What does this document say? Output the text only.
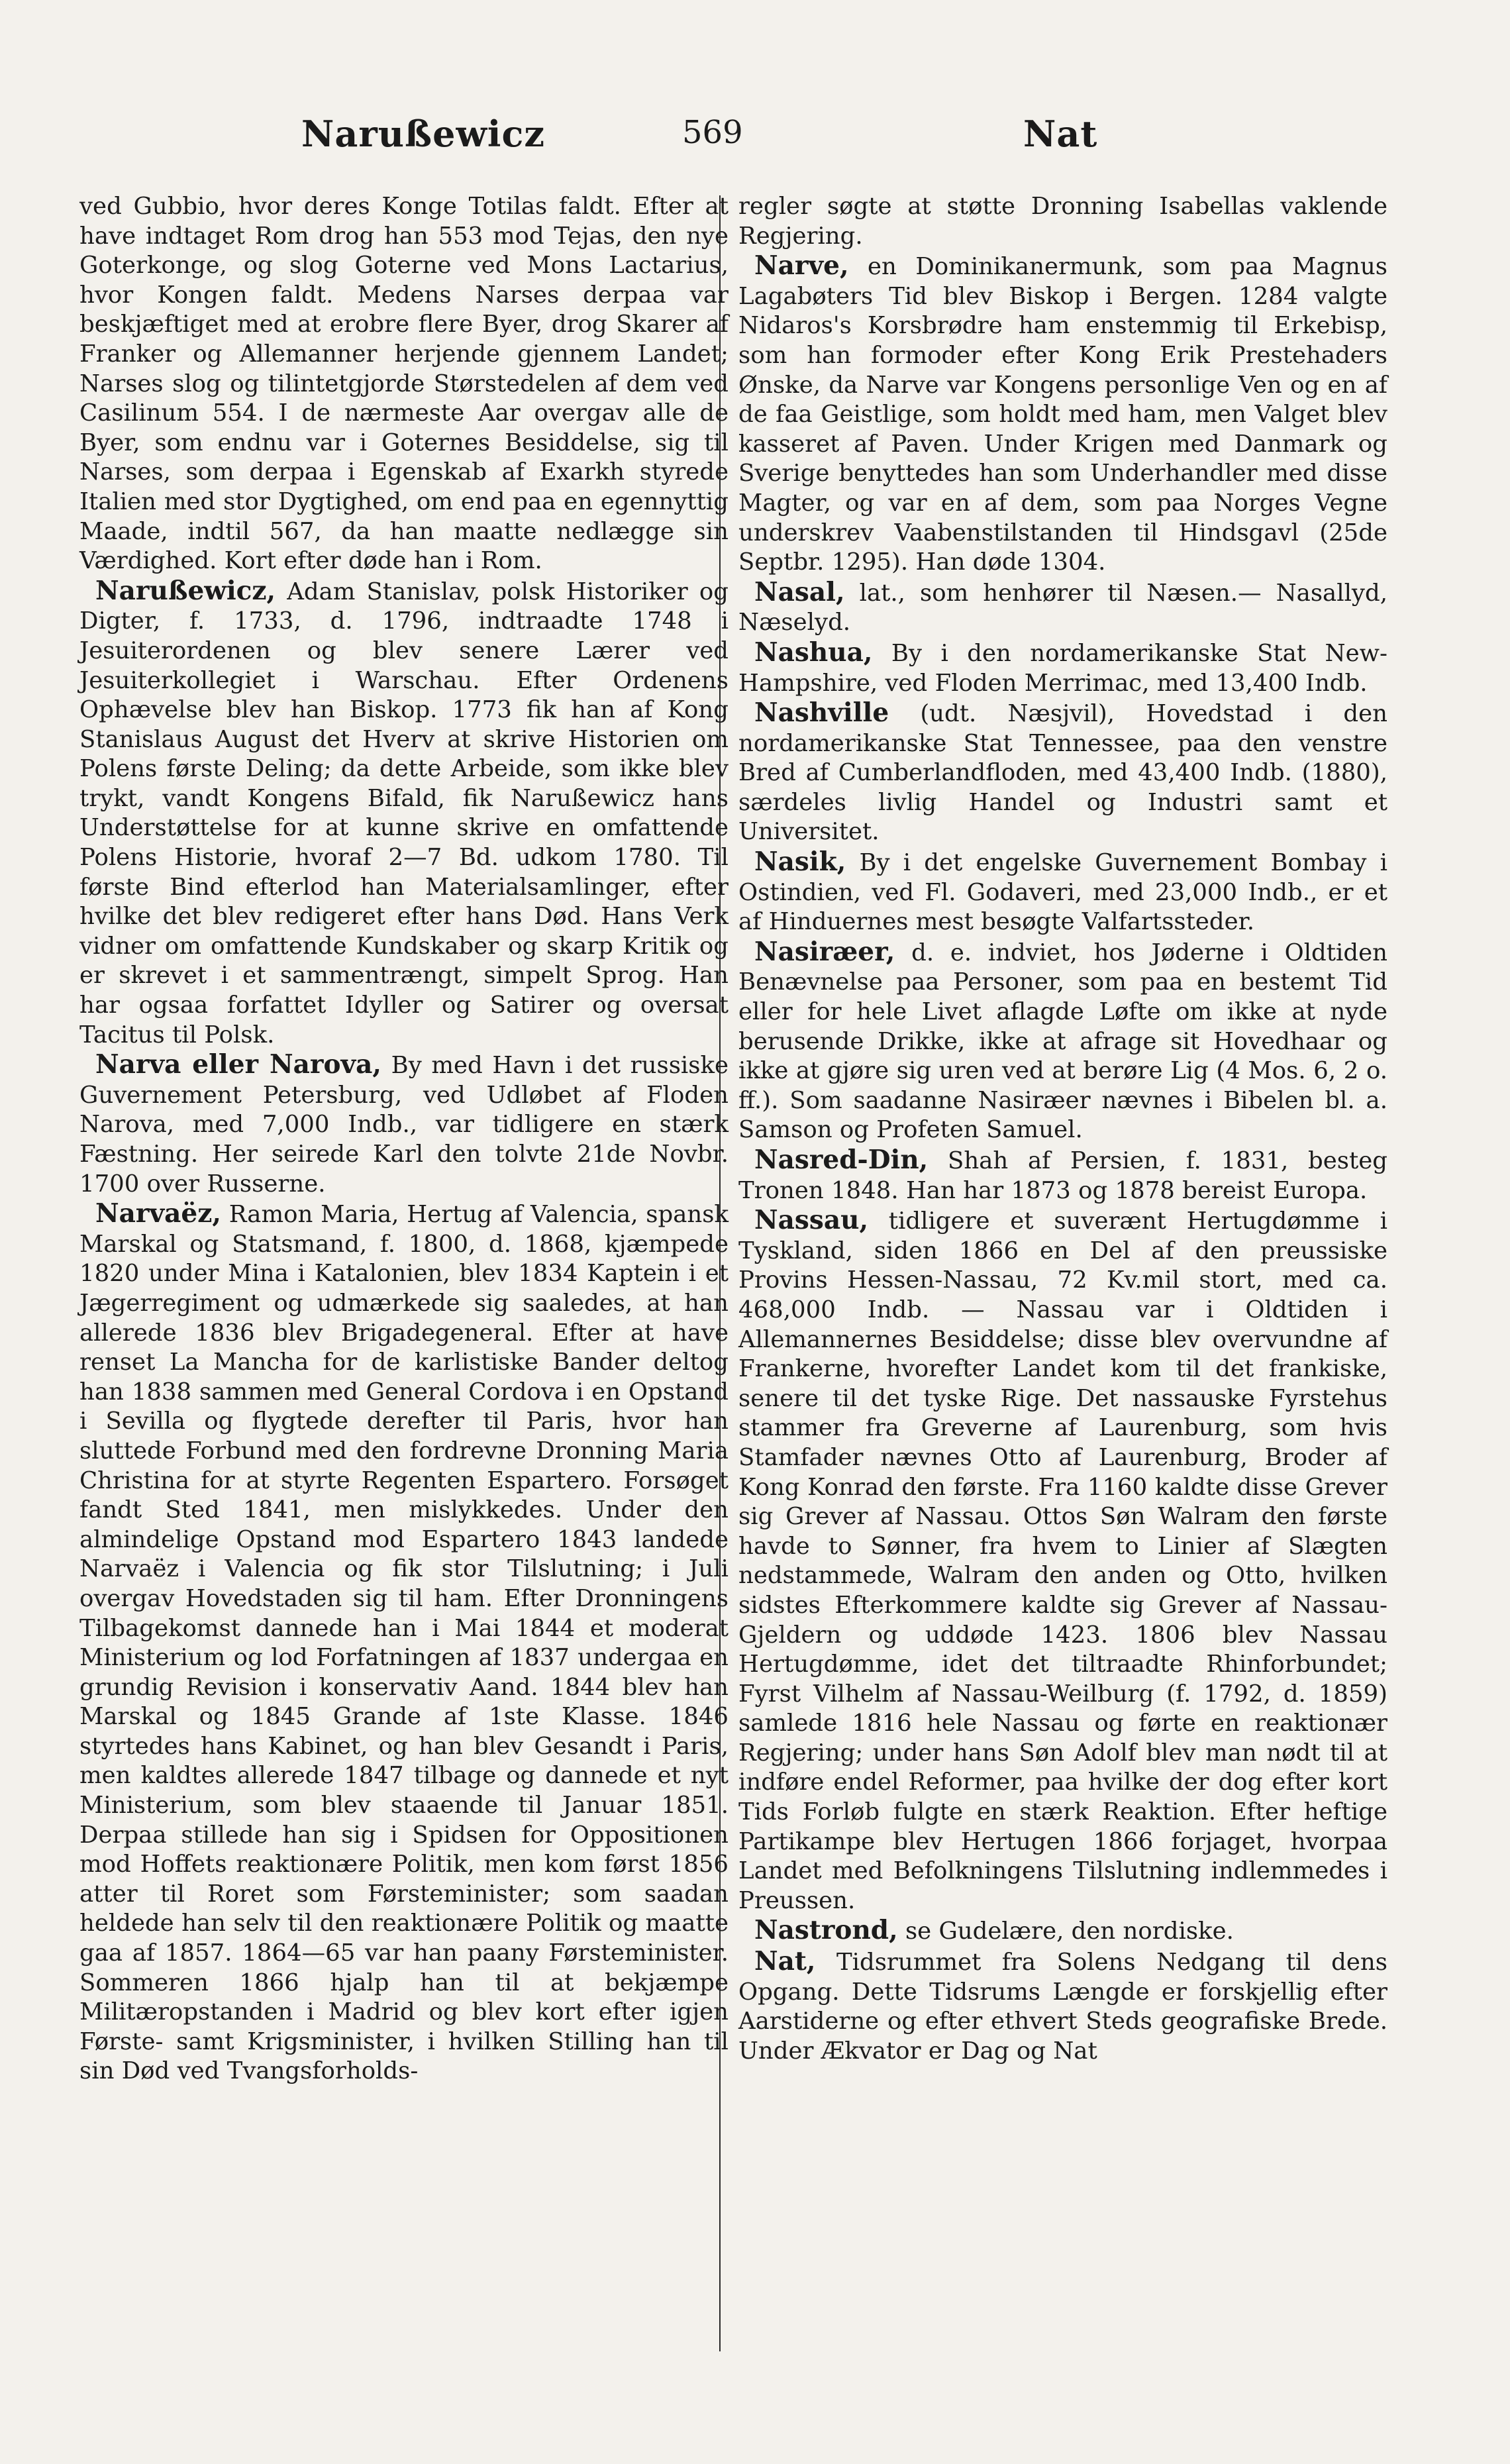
Narußewicz	569	Nat

ved Gubbio, hvor deres Konge Totilas faldt. Efter at have indtaget Rom drog han 553 mod Tejas, den nye Goterkonge, og slog Goterne ved Mons Lactarius, hvor Kongen faldt. Medens Narses derpaa var beskjæftiget med at erobre flere Byer, drog Skarer af Franker og Allemanner herjende gjennem Landet; Narses slog og tilintetgjorde Størstedelen af dem ved Casilinum 554. I de nærmeste Aar overgav alle de Byer, som endnu var i Goternes Besiddelse, sig til Narses, som derpaa i Egenskab af Exarkh styrede Italien med stor Dygtighed, om end paa en egennyttig Maade, indtil 567, da han maatte nedlægge sin Værdighed. Kort efter døde han i Rom.

Narußewicz, Adam Stanislav, polsk Historiker og Digter, f. 1733, d. 1796, indtraadte 1748 i Jesuiterordenen og blev senere Lærer ved Jesuiterkollegiet i Warschau. Efter Ordenens Ophævelse blev han Biskop. 1773 fik han af Kong Stanislaus August det Hverv at skrive Historien om Polens første Deling; da dette Arbeide, som ikke blev trykt, vandt Kongens Bifald, fik Narußewicz hans Understøttelse for at kunne skrive en omfattende Polens Historie, hvoraf 2—7 Bd. udkom 1780. Til første Bind efterlod han Materialsamlinger, efter hvilke det blev redigeret efter hans Død. Hans Verk vidner om omfattende Kundskaber og skarp Kritik og er skrevet i et sammentrængt, simpelt Sprog. Han har ogsaa forfattet Idyller og Satirer og oversat Tacitus til Polsk.

Narva eller Narova, By med Havn i det russiske Guvernement Petersburg, ved Udløbet af Floden Narova, med 7,000 Indb., var tidligere en stærk Fæstning. Her seirede Karl den tolvte 21de Novbr. 1700 over Russerne.

Narvaëz, Ramon Maria, Hertug af Valencia, spansk Marskal og Statsmand, f. 1800, d. 1868, kjæmpede 1820 under Mina i Katalonien, blev 1834 Kaptein i et Jægerregiment og udmærkede sig saaledes, at han allerede 1836 blev Brigadegeneral. Efter at have renset La Mancha for de karlistiske Bander deltog han 1838 sammen med General Cordova i en Opstand i Sevilla og flygtede derefter til Paris, hvor han sluttede Forbund med den fordrevne Dronning Maria Christina for at styrte Regenten Espartero. Forsøget fandt Sted 1841, men mislykkedes. Under den almindelige Opstand mod Espartero 1843 landede Narvaëz i Valencia og fik stor Tilslutning; i Juli overgav Hovedstaden sig til ham. Efter Dronningens Tilbagekomst dannede han i Mai 1844 et moderat Ministerium og lod Forfatningen af 1837 undergaa en grundig Revision i konservativ Aand. 1844 blev han Marskal og 1845 Grande af 1ste Klasse. 1846 styrtedes hans Kabinet, og han blev Gesandt i Paris, men kaldtes allerede 1847 tilbage og dannede et nyt Ministerium, som blev staaende til Januar 1851. Derpaa stillede han sig i Spidsen for Oppositionen mod Hoffets reaktionære Politik, men kom først 1856 atter til Roret som Førsteminister; som saadan heldede han selv til den reaktionære Politik og maatte gaa af 1857. 1864—65 var han paany Førsteminister. Sommeren 1866 hjalp han til at bekjæmpe Militæropstanden i Madrid og blev kort efter igjen Første- samt Krigsminister, i hvilken Stilling han til sin Død ved Tvangsforholds-

regler søgte at støtte Dronning Isabellas vaklende Regjering.

Narve, en Dominikanermunk, som paa Magnus Lagabøters Tid blev Biskop i Bergen. 1284 valgte Nidaros's Korsbrødre ham enstemmig til Erkebisp, som han formoder efter Kong Erik Prestehaders Ønske, da Narve var Kongens personlige Ven og en af de faa Geistlige, som holdt med ham, men Valget blev kasseret af Paven. Under Krigen med Danmark og Sverige benyttedes han som Underhandler med disse Magter, og var en af dem, som paa Norges Vegne underskrev Vaabenstilstanden til Hindsgavl (25de Septbr. 1295). Han døde 1304.

Nasal, lat., som henhører til Næsen.— Nasallyd, Næselyd.

Nashua, By i den nordamerikanske Stat New-Hampshire, ved Floden Merrimac, med 13,400 Indb.

Nashville (udt. Næsjvil), Hovedstad i den nordamerikanske Stat Tennessee, paa den venstre Bred af Cumberlandfloden, med 43,400 Indb. (1880), særdeles livlig Handel og Industri samt et Universitet.

Nasik, By i det engelske Guvernement Bombay i Ostindien, ved Fl. Godaveri, med 23,000 Indb., er et af Hinduernes mest besøgte Valfartssteder.

Nasiræer, d. e. indviet, hos Jøderne i Oldtiden Benævnelse paa Personer, som paa en bestemt Tid eller for hele Livet aflagde Løfte om ikke at nyde berusende Drikke, ikke at afrage sit Hovedhaar og ikke at gjøre sig uren ved at berøre Lig (4 Mos. 6, 2 o. ff.). Som saadanne Nasiræer nævnes i Bibelen bl. a. Samson og Profeten Samuel.

Nasred-Din, Shah af Persien, f. 1831, besteg Tronen 1848. Han har 1873 og 1878 bereist Europa.

Nassau, tidligere et suverænt Hertugdømme i Tyskland, siden 1866 en Del af den preussiske Provins Hessen-Nassau, 72 Kv.mil stort, med ca. 468,000 Indb. — Nassau var i Oldtiden i Allemannernes Besiddelse; disse blev overvundne af Frankerne, hvorefter Landet kom til det frankiske, senere til det tyske Rige. Det nassauske Fyrstehus stammer fra Greverne af Laurenburg, som hvis Stamfader nævnes Otto af Laurenburg, Broder af Kong Konrad den første. Fra 1160 kaldte disse Grever sig Grever af Nassau. Ottos Søn Walram den første havde to Sønner, fra hvem to Linier af Slægten nedstammede, Walram den anden og Otto, hvilken sidstes Efterkommere kaldte sig Grever af Nassau-Gjeldern og uddøde 1423. 1806 blev Nassau Hertugdømme, idet det tiltraadte Rhinforbundet; Fyrst Vilhelm af Nassau-Weilburg (f. 1792, d. 1859) samlede 1816 hele Nassau og førte en reaktionær Regjering; under hans Søn Adolf blev man nødt til at indføre endel Reformer, paa hvilke der dog efter kort Tids Forløb fulgte en stærk Reaktion. Efter heftige Partikampe blev Hertugen 1866 forjaget, hvorpaa Landet med Befolkningens Tilslutning indlemmedes i Preussen.

Nastrond, se Gudelære, den nordiske.

Nat, Tidsrummet fra Solens Nedgang til dens Opgang. Dette Tidsrums Længde er forskjellig efter Aarstiderne og efter ethvert Steds geografiske Brede. Under Ækvator er Dag og Nat
